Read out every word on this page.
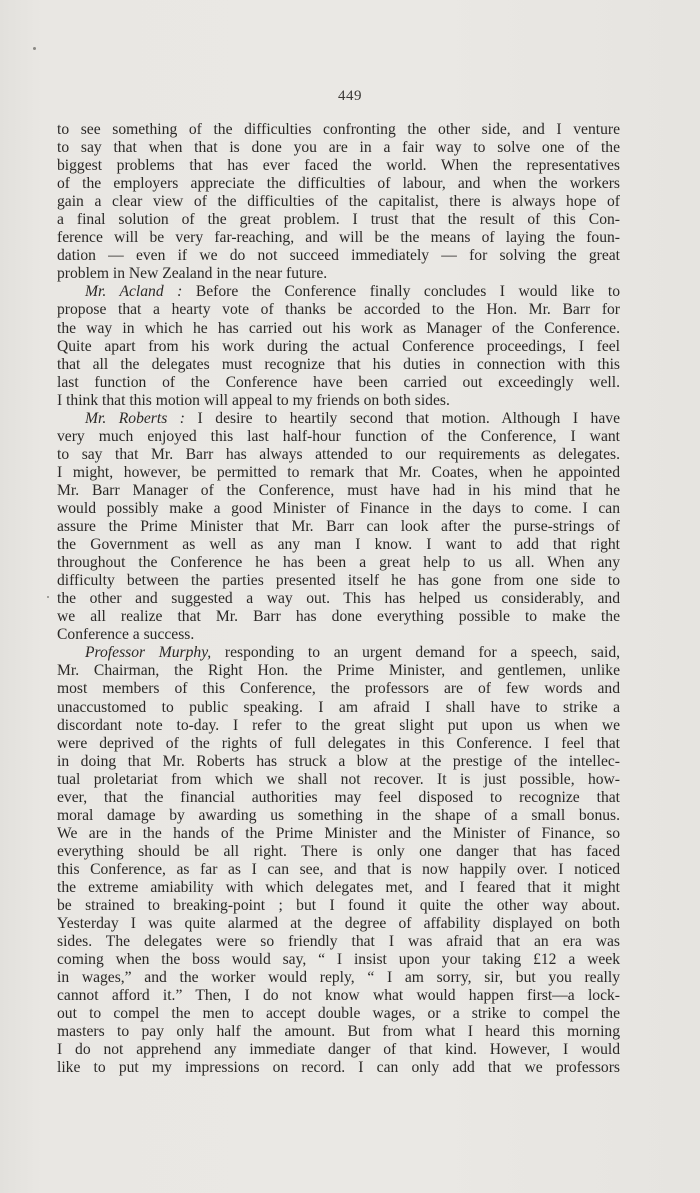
449
to see something of the difficulties confronting the other side, and I venture
to say that when that is done you are in a fair way to solve one of the
biggest problems that has ever faced the world. When the representatives
of the employers appreciate the difficulties of labour, and when the workers
gain a clear view of the difficulties of the capitalist, there is always hope of
a final solution of the great problem. I trust that the result of this Con-
ference will be very far-reaching, and will be the means of laying the foun-
dation — even if we do not succeed immediately — for solving the great
problem in New Zealand in the near future.
Mr. Acland : Before the Conference finally concludes I would like to
propose that a hearty vote of thanks be accorded to the Hon. Mr. Barr for
the way in which he has carried out his work as Manager of the Conference.
Quite apart from his work during the actual Conference proceedings, I feel
that all the delegates must recognize that his duties in connection with this
last function of the Conference have been carried out exceedingly well.
I think that this motion will appeal to my friends on both sides.
Mr. Roberts : I desire to heartily second that motion. Although I have
very much enjoyed this last half-hour function of the Conference, I want
to say that Mr. Barr has always attended to our requirements as delegates.
I might, however, be permitted to remark that Mr. Coates, when he appointed
Mr. Barr Manager of the Conference, must have had in his mind that he
would possibly make a good Minister of Finance in the days to come. I can
assure the Prime Minister that Mr. Barr can look after the purse-strings of
the Government as well as any man I know. I want to add that right
throughout the Conference he has been a great help to us all. When any
difficulty between the parties presented itself he has gone from one side to
the other and suggested a way out. This has helped us considerably, and
we all realize that Mr. Barr has done everything possible to make the
Conference a success.
Professor Murphy, responding to an urgent demand for a speech, said,
Mr. Chairman, the Right Hon. the Prime Minister, and gentlemen, unlike
most members of this Conference, the professors are of few words and
unaccustomed to public speaking. I am afraid I shall have to strike a
discordant note to-day. I refer to the great slight put upon us when we
were deprived of the rights of full delegates in this Conference. I feel that
in doing that Mr. Roberts has struck a blow at the prestige of the intellec-
tual proletariat from which we shall not recover. It is just possible, how-
ever, that the financial authorities may feel disposed to recognize that
moral damage by awarding us something in the shape of a small bonus.
We are in the hands of the Prime Minister and the Minister of Finance, so
everything should be all right. There is only one danger that has faced
this Conference, as far as I can see, and that is now happily over. I noticed
the extreme amiability with which delegates met, and I feared that it might
be strained to breaking-point ; but I found it quite the other way about.
Yesterday I was quite alarmed at the degree of affability displayed on both
sides. The delegates were so friendly that I was afraid that an era was
coming when the boss would say, “ I insist upon your taking £12 a week
in wages,” and the worker would reply, “ I am sorry, sir, but you really
cannot afford it.” Then, I do not know what would happen first—a lock-
out to compel the men to accept double wages, or a strike to compel the
masters to pay only half the amount. But from what I heard this morning
I do not apprehend any immediate danger of that kind. However, I would
like to put my impressions on record. I can only add that we professors
